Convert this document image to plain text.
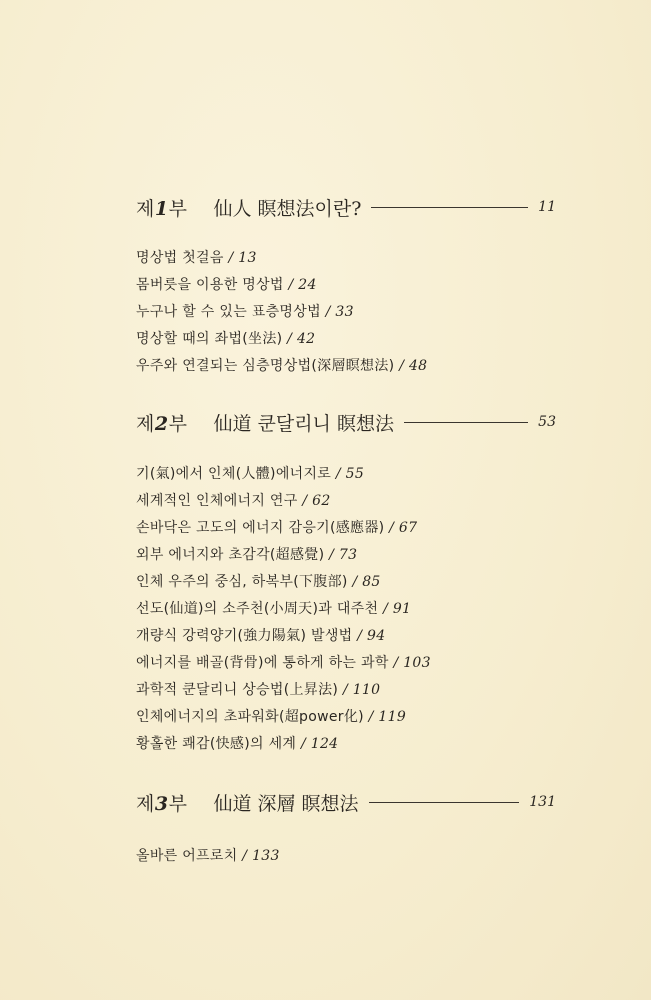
제1부 仙人 瞑想法이란?	11
명상법 첫걸음 / 13
몸버릇을 이용한 명상법 / 24
누구나 할 수 있는 표층명상법 / 33
명상할 때의 좌법(坐法) / 42
우주와 연결되는 심층명상법(深層瞑想法) / 48
제2부 仙道 쿤달리니 瞑想法	53
기(氣)에서 인체(人體)에너지로 / 55
세계적인 인체에너지 연구 / 62
손바닥은 고도의 에너지 감응기(感應器) / 67
외부 에너지와 초감각(超感覺) / 73
인체 우주의 중심, 하복부(下腹部) / 85
선도(仙道)의 소주천(小周天)과 대주천 / 91
개량식 강력양기(強力陽氣) 발생법 / 94
에너지를 배골(背骨)에 통하게 하는 과학 / 103
과학적 쿤달리니 상승법(上昇法) / 110
인체에너지의 초파워화(超power化) / 119
황홀한 쾌감(快感)의 세계 / 124
제3부 仙道 深層 瞑想法	131
올바른 어프로치 / 133
